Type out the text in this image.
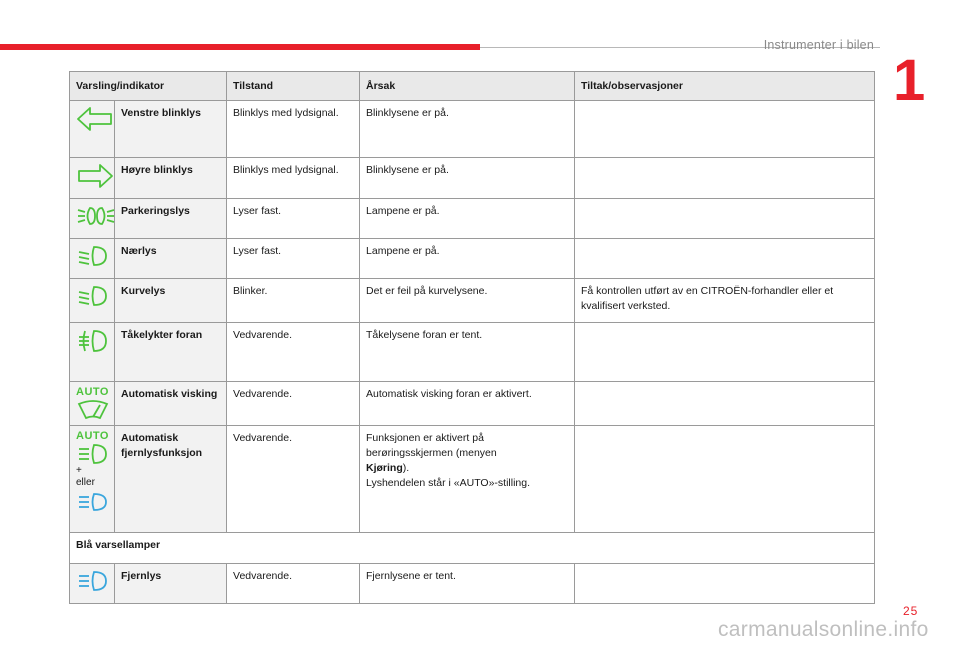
Instrumenter i bilen
1
Varsling/indikator		Tilstand	Årsak	Tiltak/observasjoner

	Venstre blinklys	Blinklys med lydsignal.	Blinklysene er på.	

	Høyre blinklys	Blinklys med lydsignal.	Blinklysene er på.	

	Parkeringslys	Lyser fast.	Lampene er på.	

	Nærlys	Lyser fast.	Lampene er på.	

	Kurvelys	Blinker.	Det er feil på kurvelysene.	Få kontrollen utført av en CITROËN-forhandler eller et kvalifisert verksted.

	Tåkelykter foran	Vedvarende.	Tåkelysene foran er tent.	

AUTO	Automatisk visking	Vedvarende.	Automatisk visking foran er aktivert.	

AUTO
+
eller	Automatisk fjernlysfunksjon	Vedvarende.	Funksjonen er aktivert på berøringsskjermen (menyen
Kjøring).
Lyshendelen står i «AUTO»-stilling.	
Blå varsellamper				

	Fjernlys	Vedvarende.	Fjernlysene er tent.	
25
carmanualsonline.info
